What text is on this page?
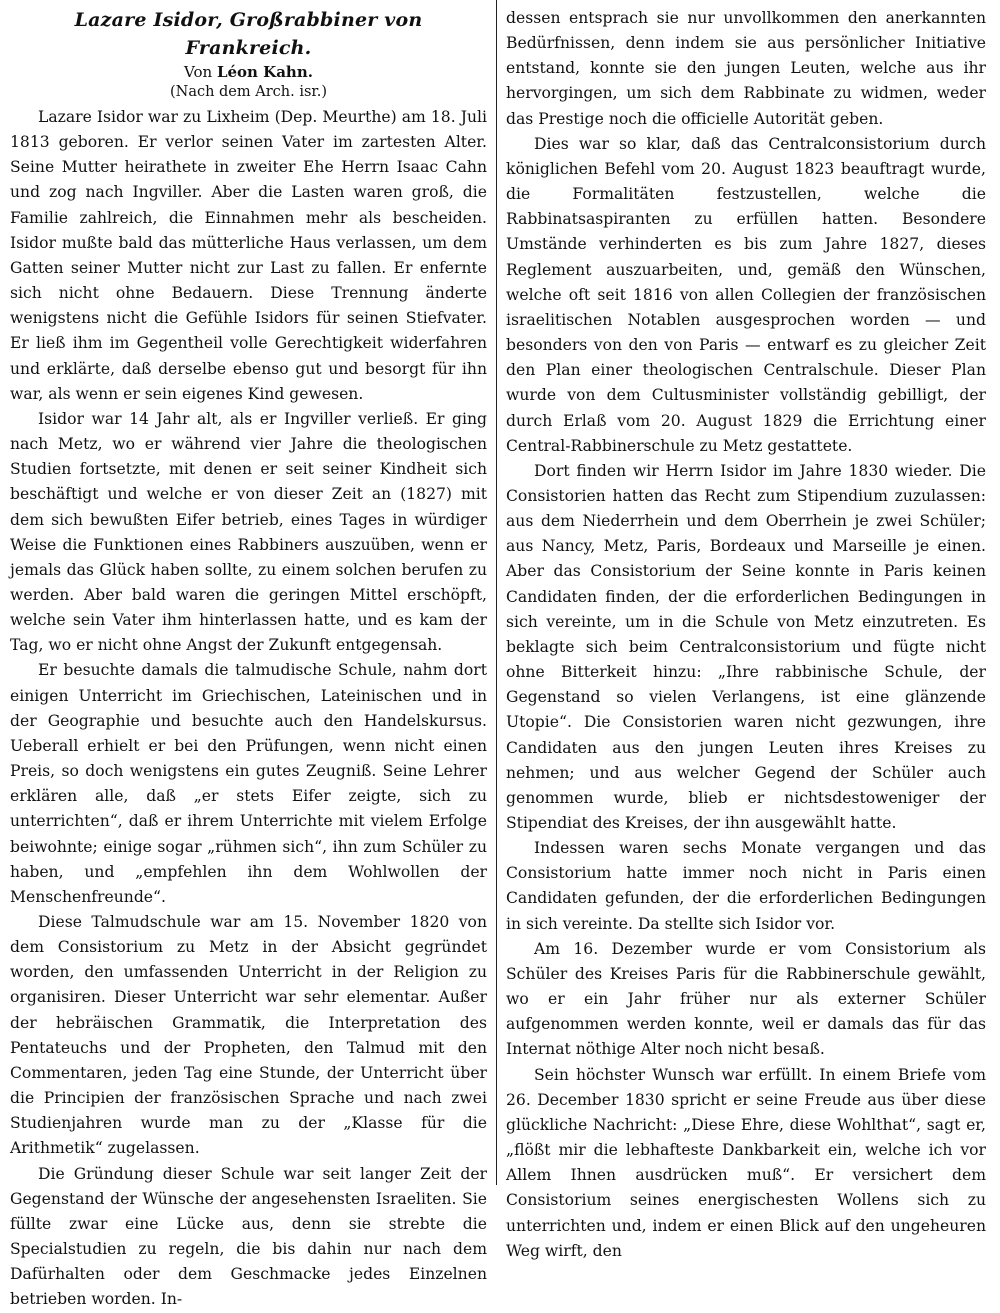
Lazare Isidor, Großrabbiner von Frankreich.

Von Léon Kahn.

(Nach dem Arch. isr.)

Lazare Isidor war zu Lixheim (Dep. Meurthe) am 18. Juli 1813 geboren. Er verlor seinen Vater im zartesten Alter. Seine Mutter heirathete in zweiter Ehe Herrn Isaac Cahn und zog nach Ingviller. Aber die Lasten waren groß, die Familie zahlreich, die Einnahmen mehr als bescheiden. Isidor mußte bald das mütterliche Haus verlassen, um dem Gatten seiner Mutter nicht zur Last zu fallen. Er enfernte sich nicht ohne Bedauern. Diese Trennung änderte wenigstens nicht die Gefühle Isidors für seinen Stiefvater. Er ließ ihm im Gegentheil volle Gerechtigkeit widerfahren und erklärte, daß derselbe ebenso gut und besorgt für ihn war, als wenn er sein eigenes Kind gewesen.

Isidor war 14 Jahr alt, als er Ingviller verließ. Er ging nach Metz, wo er während vier Jahre die theologischen Studien fortsetzte, mit denen er seit seiner Kindheit sich beschäftigt und welche er von dieser Zeit an (1827) mit dem sich bewußten Eifer betrieb, eines Tages in würdiger Weise die Funktionen eines Rabbiners auszuüben, wenn er jemals das Glück haben sollte, zu einem solchen berufen zu werden. Aber bald waren die geringen Mittel erschöpft, welche sein Vater ihm hinterlassen hatte, und es kam der Tag, wo er nicht ohne Angst der Zukunft entgegensah.

Er besuchte damals die talmudische Schule, nahm dort einigen Unterricht im Griechischen, Lateinischen und in der Geographie und besuchte auch den Handelskursus. Ueberall erhielt er bei den Prüfungen, wenn nicht einen Preis, so doch wenigstens ein gutes Zeugniß. Seine Lehrer erklären alle, daß „er stets Eifer zeigte, sich zu unterrichten“, daß er ihrem Unterrichte mit vielem Erfolge beiwohnte; einige sogar „rühmen sich“, ihn zum Schüler zu haben, und „empfehlen ihn dem Wohlwollen der Menschenfreunde“.

Diese Talmudschule war am 15. November 1820 von dem Consistorium zu Metz in der Absicht gegründet worden, den umfassenden Unterricht in der Religion zu organisiren. Dieser Unterricht war sehr elementar. Außer der hebräischen Grammatik, die Interpretation des Pentateuchs und der Propheten, den Talmud mit den Commentaren, jeden Tag eine Stunde, der Unterricht über die Principien der französischen Sprache und nach zwei Studienjahren wurde man zu der „Klasse für die Arithmetik“ zugelassen.

Die Gründung dieser Schule war seit langer Zeit der Gegenstand der Wünsche der angesehensten Israeliten. Sie füllte zwar eine Lücke aus, denn sie strebte die Specialstudien zu regeln, die bis dahin nur nach dem Dafürhalten oder dem Geschmacke jedes Einzelnen betrieben worden. In-

dessen entsprach sie nur unvollkommen den anerkannten Bedürfnissen, denn indem sie aus persönlicher Initiative entstand, konnte sie den jungen Leuten, welche aus ihr hervorgingen, um sich dem Rabbinate zu widmen, weder das Prestige noch die officielle Autorität geben.

Dies war so klar, daß das Centralconsistorium durch königlichen Befehl vom 20. August 1823 beauftragt wurde, die Formalitäten festzustellen, welche die Rabbinatsaspiranten zu erfüllen hatten. Besondere Umstände verhinderten es bis zum Jahre 1827, dieses Reglement auszuarbeiten, und, gemäß den Wünschen, welche oft seit 1816 von allen Collegien der französischen israelitischen Notablen ausgesprochen worden — und besonders von den von Paris — entwarf es zu gleicher Zeit den Plan einer theologischen Centralschule. Dieser Plan wurde von dem Cultusminister vollständig gebilligt, der durch Erlaß vom 20. August 1829 die Errichtung einer Central-Rabbinerschule zu Metz gestattete.

Dort finden wir Herrn Isidor im Jahre 1830 wieder. Die Consistorien hatten das Recht zum Stipendium zuzulassen: aus dem Niederrhein und dem Oberrhein je zwei Schüler; aus Nancy, Metz, Paris, Bordeaux und Marseille je einen. Aber das Consistorium der Seine konnte in Paris keinen Candidaten finden, der die erforderlichen Bedingungen in sich vereinte, um in die Schule von Metz einzutreten. Es beklagte sich beim Centralconsistorium und fügte nicht ohne Bitterkeit hinzu: „Ihre rabbinische Schule, der Gegenstand so vielen Verlangens, ist eine glänzende Utopie“. Die Consistorien waren nicht gezwungen, ihre Candidaten aus den jungen Leuten ihres Kreises zu nehmen; und aus welcher Gegend der Schüler auch genommen wurde, blieb er nichtsdestoweniger der Stipendiat des Kreises, der ihn ausgewählt hatte.

Indessen waren sechs Monate vergangen und das Consistorium hatte immer noch nicht in Paris einen Candidaten gefunden, der die erforderlichen Bedingungen in sich vereinte. Da stellte sich Isidor vor.

Am 16. Dezember wurde er vom Consistorium als Schüler des Kreises Paris für die Rabbinerschule gewählt, wo er ein Jahr früher nur als externer Schüler aufgenommen werden konnte, weil er damals das für das Internat nöthige Alter noch nicht besaß.

Sein höchster Wunsch war erfüllt. In einem Briefe vom 26. December 1830 spricht er seine Freude aus über diese glückliche Nachricht: „Diese Ehre, diese Wohlthat“, sagt er, „flößt mir die lebhafteste Dankbarkeit ein, welche ich vor Allem Ihnen ausdrücken muß“. Er versichert dem Consistorium seines energischesten Wollens sich zu unterrichten und, indem er einen Blick auf den ungeheuren Weg wirft, den
